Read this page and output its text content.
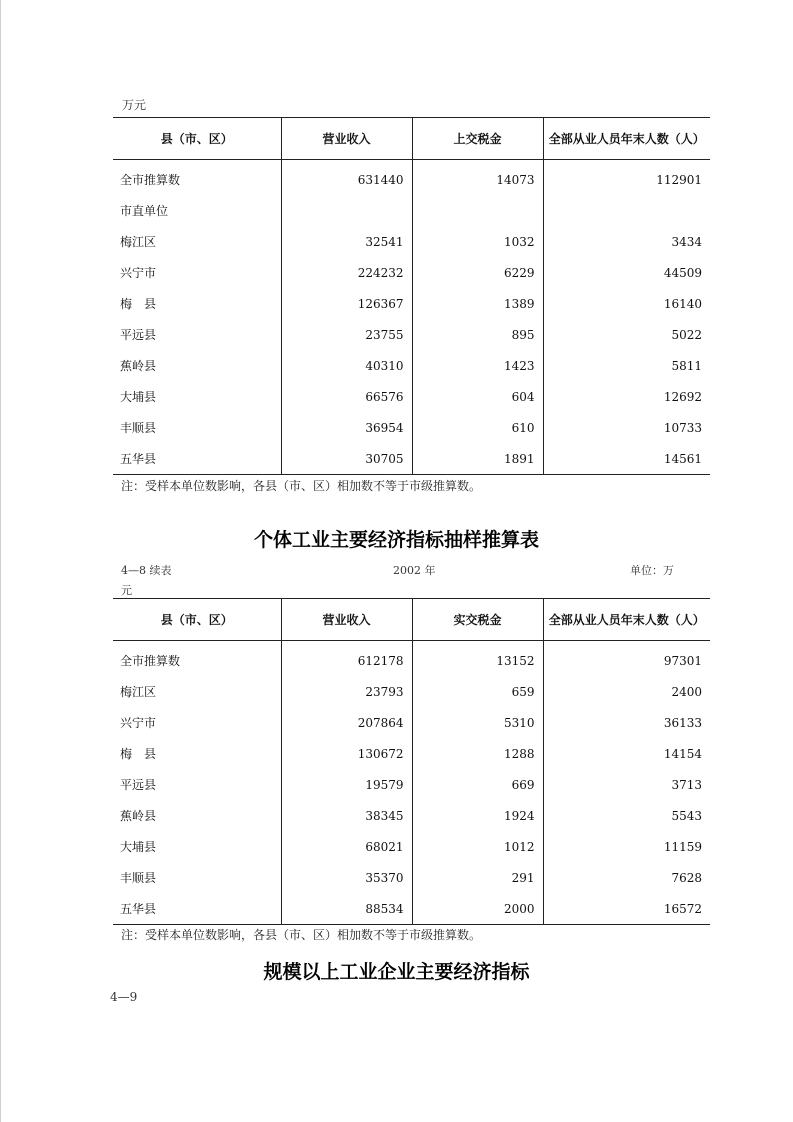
万元
县（市、区）	营业收入	上交税金	全部从业人员年末人数（人）
全市推算数	631440	14073	112901
市直单位			
梅江区	32541	1032	3434
兴宁市	224232	6229	44509
梅　县	126367	1389	16140
平远县	23755	895	5022
蕉岭县	40310	1423	5811
大埔县	66576	604	12692
丰顺县	36954	610	10733
五华县	30705	1891	14561
注：受样本单位数影响，各县（市、区）相加数不等于市级推算数。
个体工业主要经济指标抽样推算表
4—8 续表	2002 年	单位：万
元
县（市、区）	营业收入	实交税金	全部从业人员年末人数（人）
全市推算数	612178	13152	97301
梅江区	23793	659	2400
兴宁市	207864	5310	36133
梅　县	130672	1288	14154
平远县	19579	669	3713
蕉岭县	38345	1924	5543
大埔县	68021	1012	11159
丰顺县	35370	291	7628
五华县	88534	2000	16572
注：受样本单位数影响，各县（市、区）相加数不等于市级推算数。
规模以上工业企业主要经济指标
4—9
